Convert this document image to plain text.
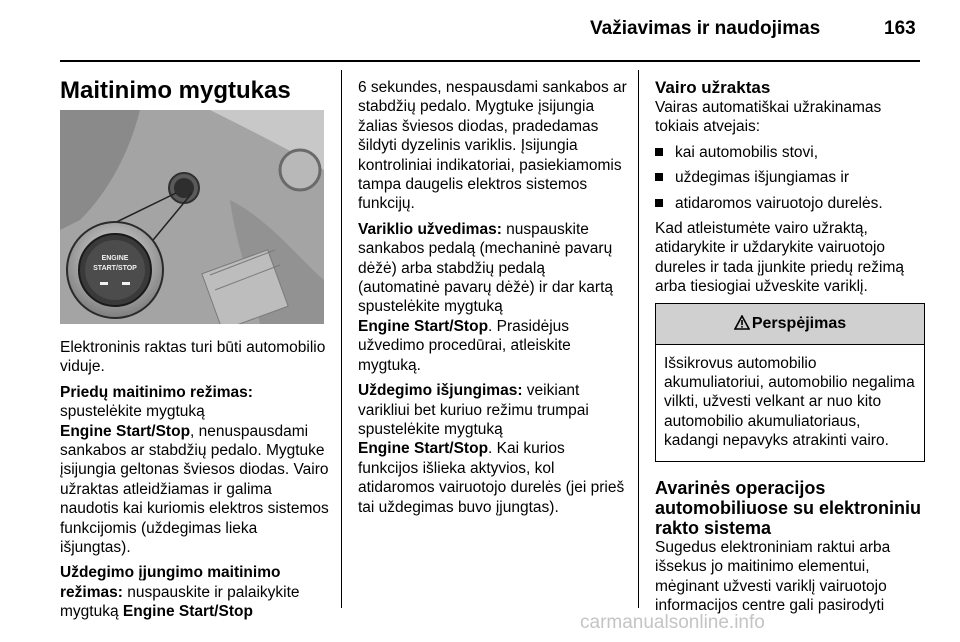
Važiavimas ir naudojimas	163
Maitinimo mygtukas
ENGINE
START/STOP

Elektroninis raktas turi būti automobilio viduje.

Priedų maitinimo režimas:
spustelėkite mygtuką
Engine Start/Stop, nenuspausdami sankabos ar stabdžių pedalo. Mygtuke įsijungia geltonas šviesos diodas. Vairo užraktas atleidžiamas ir galima naudotis kai kuriomis elektros sistemos funkcijomis (uždegimas lieka išjungtas).

Uždegimo įjungimo maitinimo režimas: nuspauskite ir palaikykite mygtuką Engine Start/Stop

6 sekundes, nespausdami sankabos ar stabdžių pedalo. Mygtuke įsijungia žalias šviesos diodas, pradedamas šildyti dyzelinis variklis. Įsijungia kontroliniai indikatoriai, pasiekiamomis tampa daugelis elektros sistemos funkcijų.

Variklio užvedimas: nuspauskite sankabos pedalą (mechaninė pavarų dėžė) arba stabdžių pedalą (automatinė pavarų dėžė) ir dar kartą spustelėkite mygtuką
Engine Start/Stop. Prasidėjus užvedimo procedūrai, atleiskite mygtuką.

Uždegimo išjungimas: veikiant varikliui bet kuriuo režimu trumpai spustelėkite mygtuką
Engine Start/Stop. Kai kurios funkcijos išlieka aktyvios, kol atidaromos vairuotojo durelės (jei prieš tai uždegimas buvo įjungtas).

Vairo užraktas

Vairas automatiškai užrakinamas tokiais atvejais:

kai automobilis stovi,
uždegimas išjungiamas ir
atidaromos vairuotojo durelės.

Kad atleistumėte vairo užraktą, atidarykite ir uždarykite vairuotojo dureles ir tada įjunkite priedų režimą arba tiesiogiai užveskite variklį.

Perspėjimas
Išsikrovus automobilio akumuliatoriui, automobilio negalima vilkti, užvesti velkant ar nuo kito automobilio akumuliatoriaus, kadangi nepavyks atrakinti vairo.
Avarinės operacijos automobiliuose su elektroniniu rakto sistema

Sugedus elektroniniam raktui arba išsekus jo maitinimo elementui, mėginant užvesti variklį vairuotojo informacijos centre gali pasirodyti

carmanualsonline.info
